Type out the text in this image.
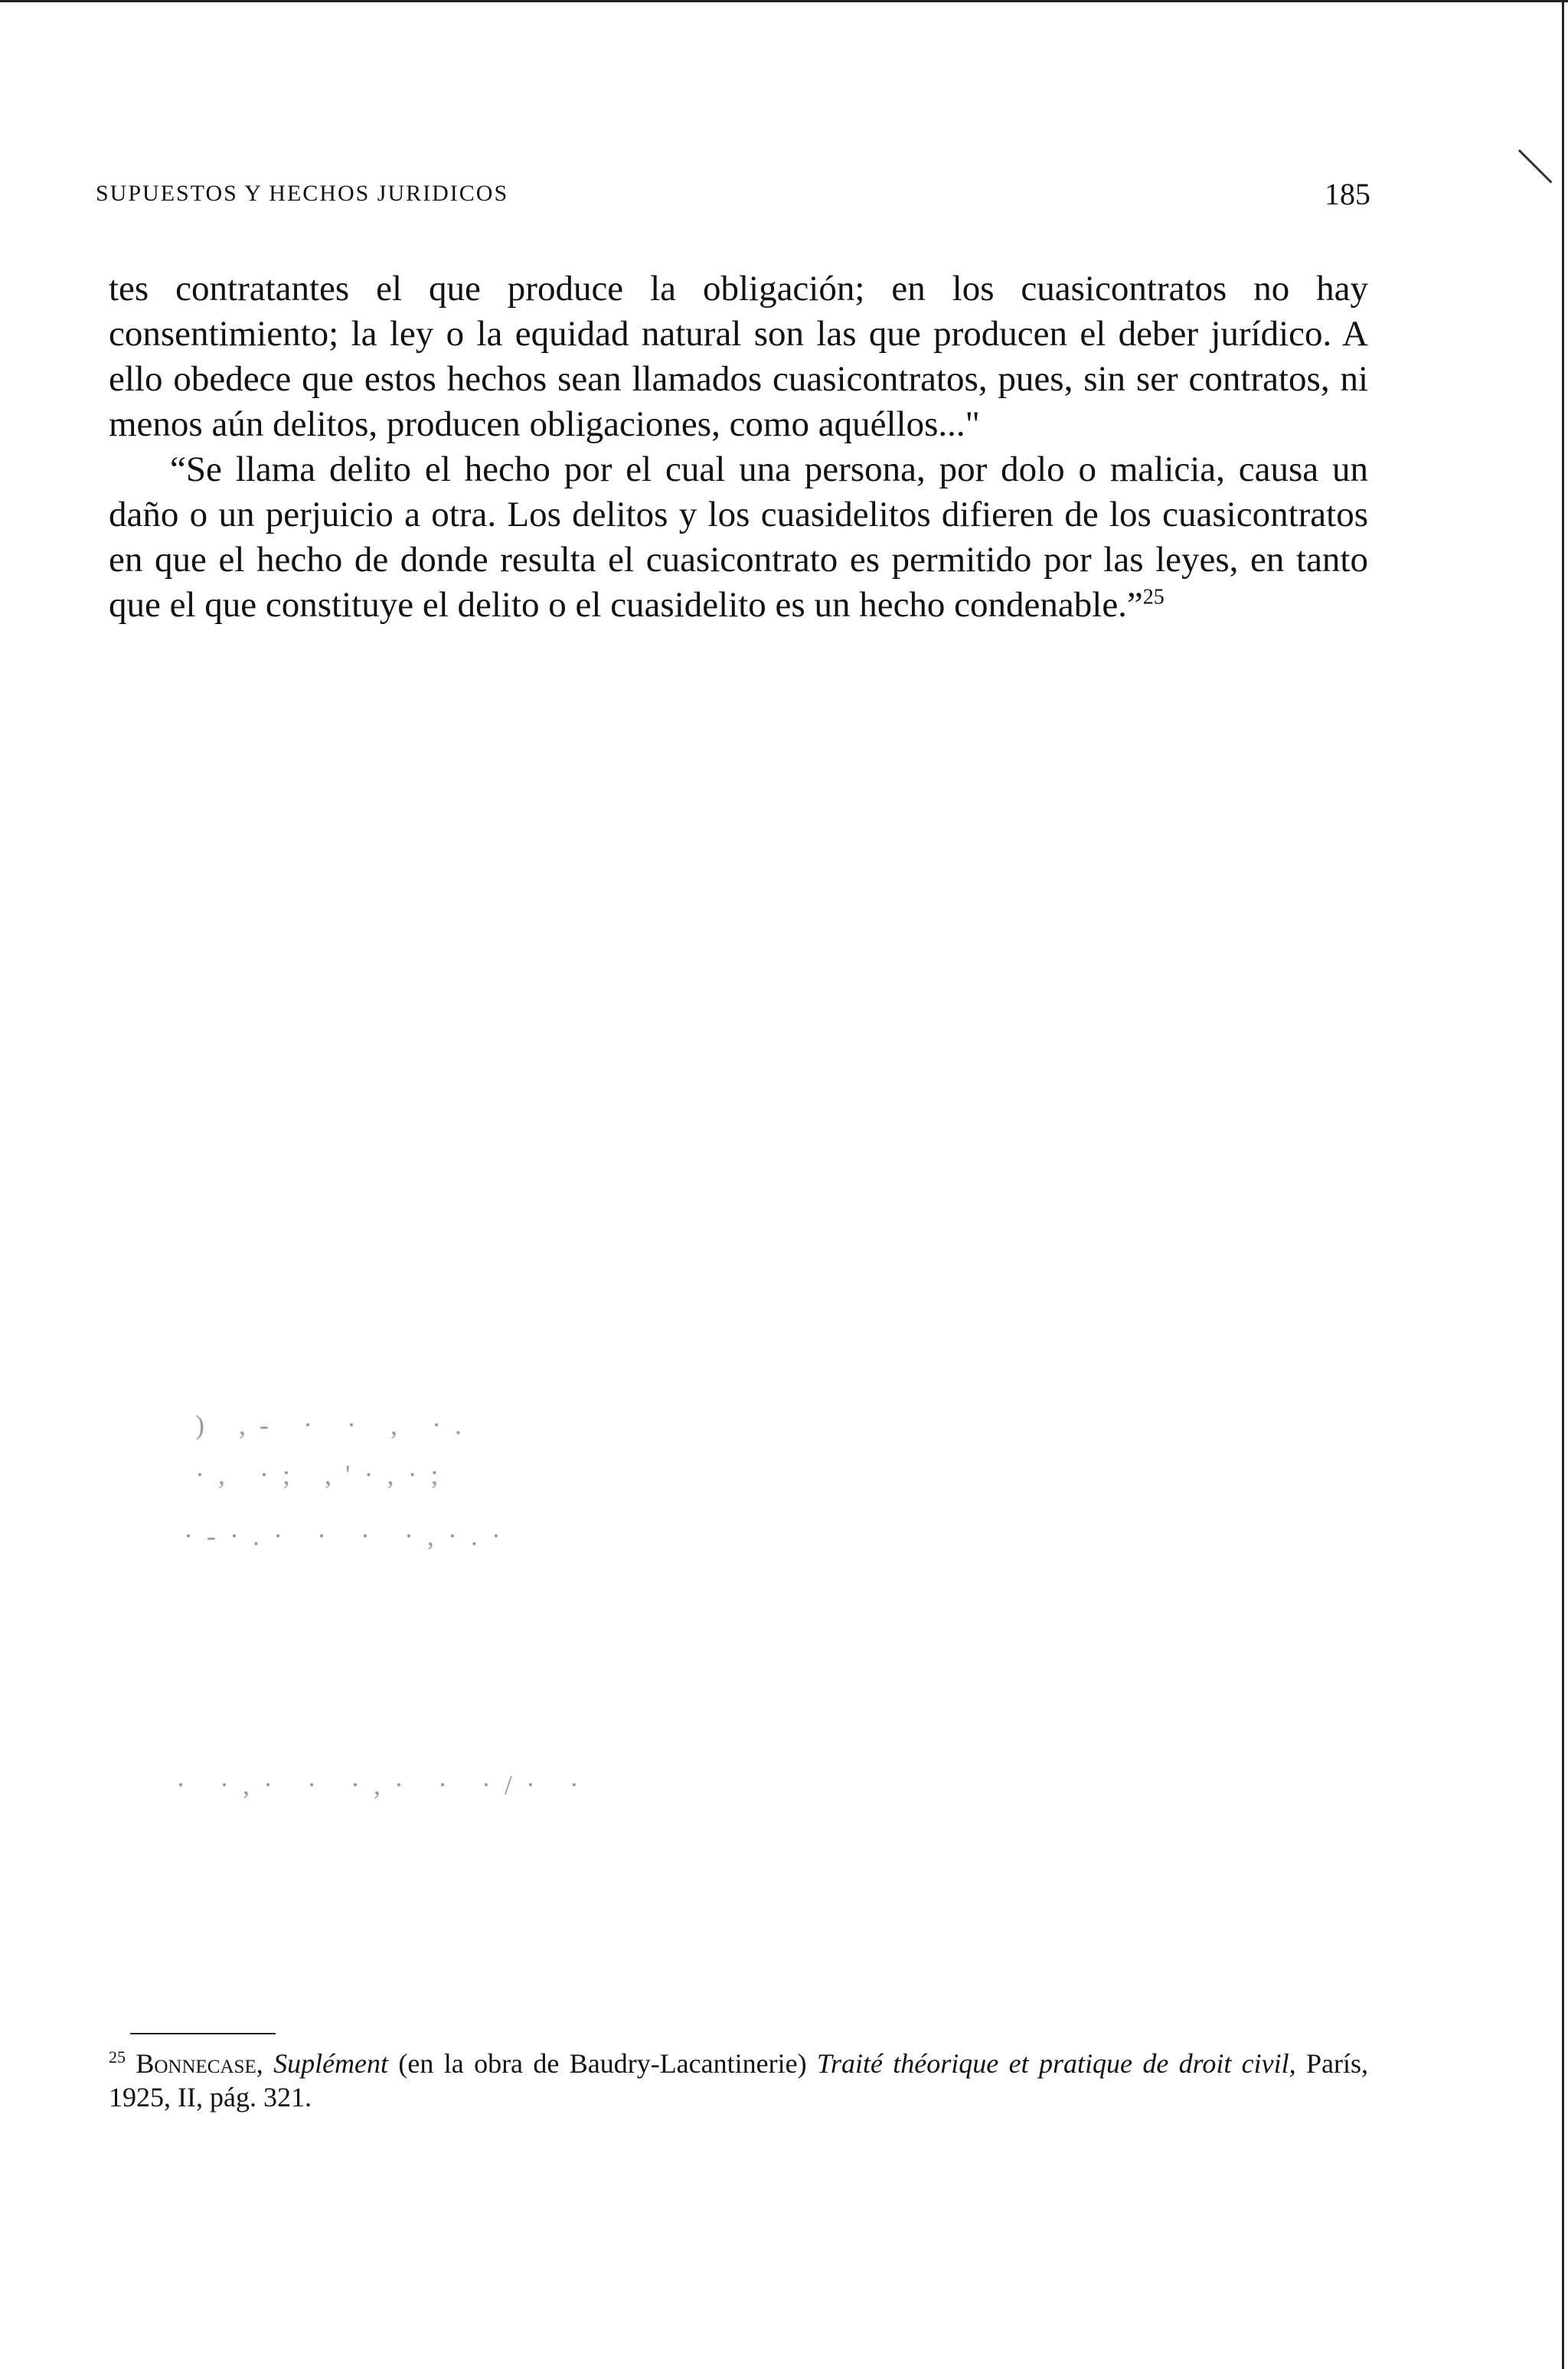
SUPUESTOS Y HECHOS JURIDICOS	185

tes contratantes el que produce la obligación; en los cuasicontratos no hay consentimiento; la ley o la equidad natural son las que producen el deber jurídico. A ello obedece que estos hechos sean llamados cuasicontratos, pues, sin ser contratos, ni menos aún delitos, producen obligaciones, como aquéllos..."

“Se llama delito el hecho por el cual una persona, por dolo o malicia, causa un daño o un perjuicio a otra. Los delitos y los cuasidelitos difieren de los cuasicontratos en que el hecho de donde resulta el cuasicontrato es permitido por las leyes, en tanto que el que constituye el delito o el cuasidelito es un hecho condenable.”$^{25}$

) ,- · · , ·.
·, ·; ,'·,·;
·-·.· · · ·,·.·
· ·,· · ·,· · ·/· ·
$^{25}$ Bonnecase, Suplément (en la obra de Baudry-Lacantinerie) Traité théorique et pratique de droit civil, París, 1925, II, pág. 321.
